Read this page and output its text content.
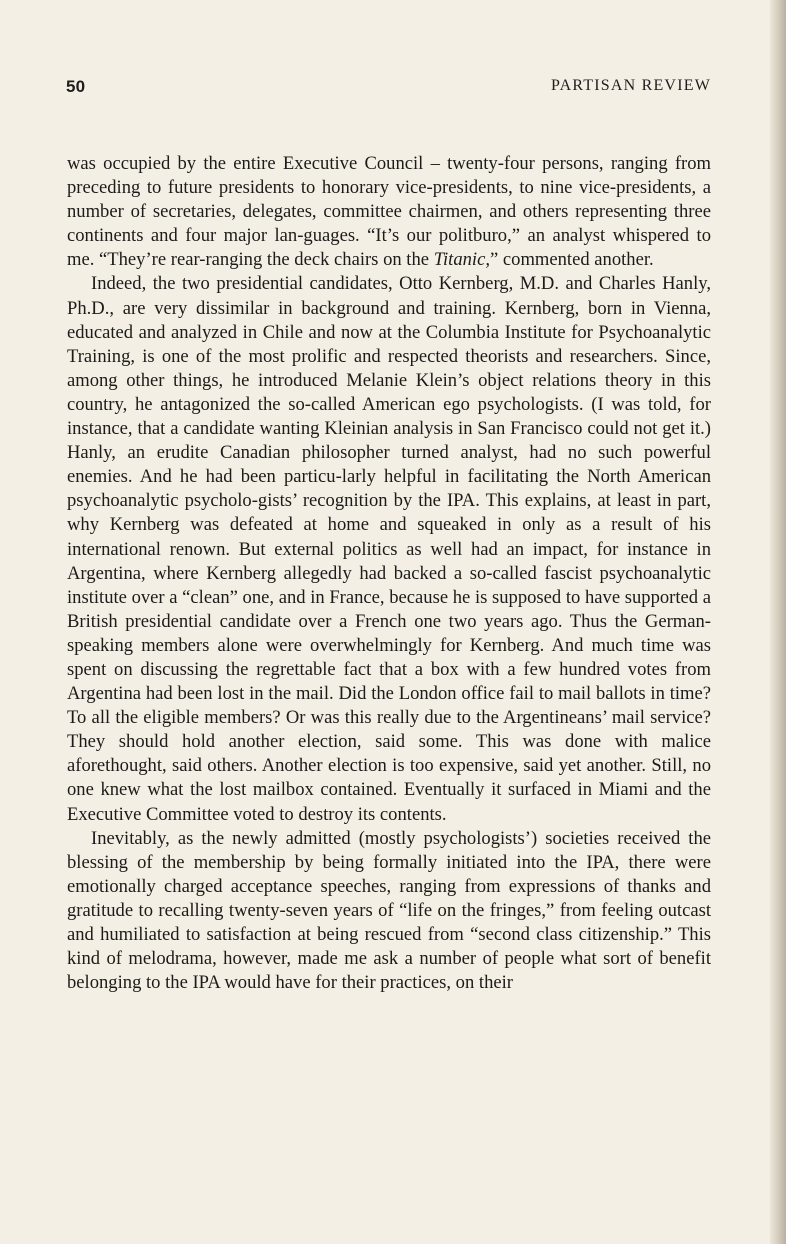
50	PARTISAN REVIEW

was occupied by the entire Executive Council – twenty-four persons, ranging from preceding to future presidents to honorary vice-presidents, to nine vice-presidents, a number of secretaries, delegates, committee chairmen, and others representing three continents and four major lan-guages. “It’s our politburo,” an analyst whispered to me. “They’re rear-ranging the deck chairs on the Titanic,” commented another.

Indeed, the two presidential candidates, Otto Kernberg, M.D. and Charles Hanly, Ph.D., are very dissimilar in background and training. Kernberg, born in Vienna, educated and analyzed in Chile and now at the Columbia Institute for Psychoanalytic Training, is one of the most prolific and respected theorists and researchers. Since, among other things, he introduced Melanie Klein’s object relations theory in this country, he antagonized the so-called American ego psychologists. (I was told, for instance, that a candidate wanting Kleinian analysis in San Francisco could not get it.) Hanly, an erudite Canadian philosopher turned analyst, had no such powerful enemies. And he had been particu-larly helpful in facilitating the North American psychoanalytic psycholo-gists’ recognition by the IPA. This explains, at least in part, why Kernberg was defeated at home and squeaked in only as a result of his international renown. But external politics as well had an impact, for instance in Argentina, where Kernberg allegedly had backed a so-called fascist psychoanalytic institute over a “clean” one, and in France, because he is supposed to have supported a British presidential candidate over a French one two years ago. Thus the German-speaking members alone were overwhelmingly for Kernberg. And much time was spent on discussing the regrettable fact that a box with a few hundred votes from Argentina had been lost in the mail. Did the London office fail to mail ballots in time? To all the eligible members? Or was this really due to the Argentineans’ mail service? They should hold another election, said some. This was done with malice aforethought, said others. Another election is too expensive, said yet another. Still, no one knew what the lost mailbox contained. Eventually it surfaced in Miami and the Executive Committee voted to destroy its contents.

Inevitably, as the newly admitted (mostly psychologists’) societies received the blessing of the membership by being formally initiated into the IPA, there were emotionally charged acceptance speeches, ranging from expressions of thanks and gratitude to recalling twenty-seven years of “life on the fringes,” from feeling outcast and humiliated to satisfaction at being rescued from “second class citizenship.” This kind of melodrama, however, made me ask a number of people what sort of benefit belonging to the IPA would have for their practices, on their
